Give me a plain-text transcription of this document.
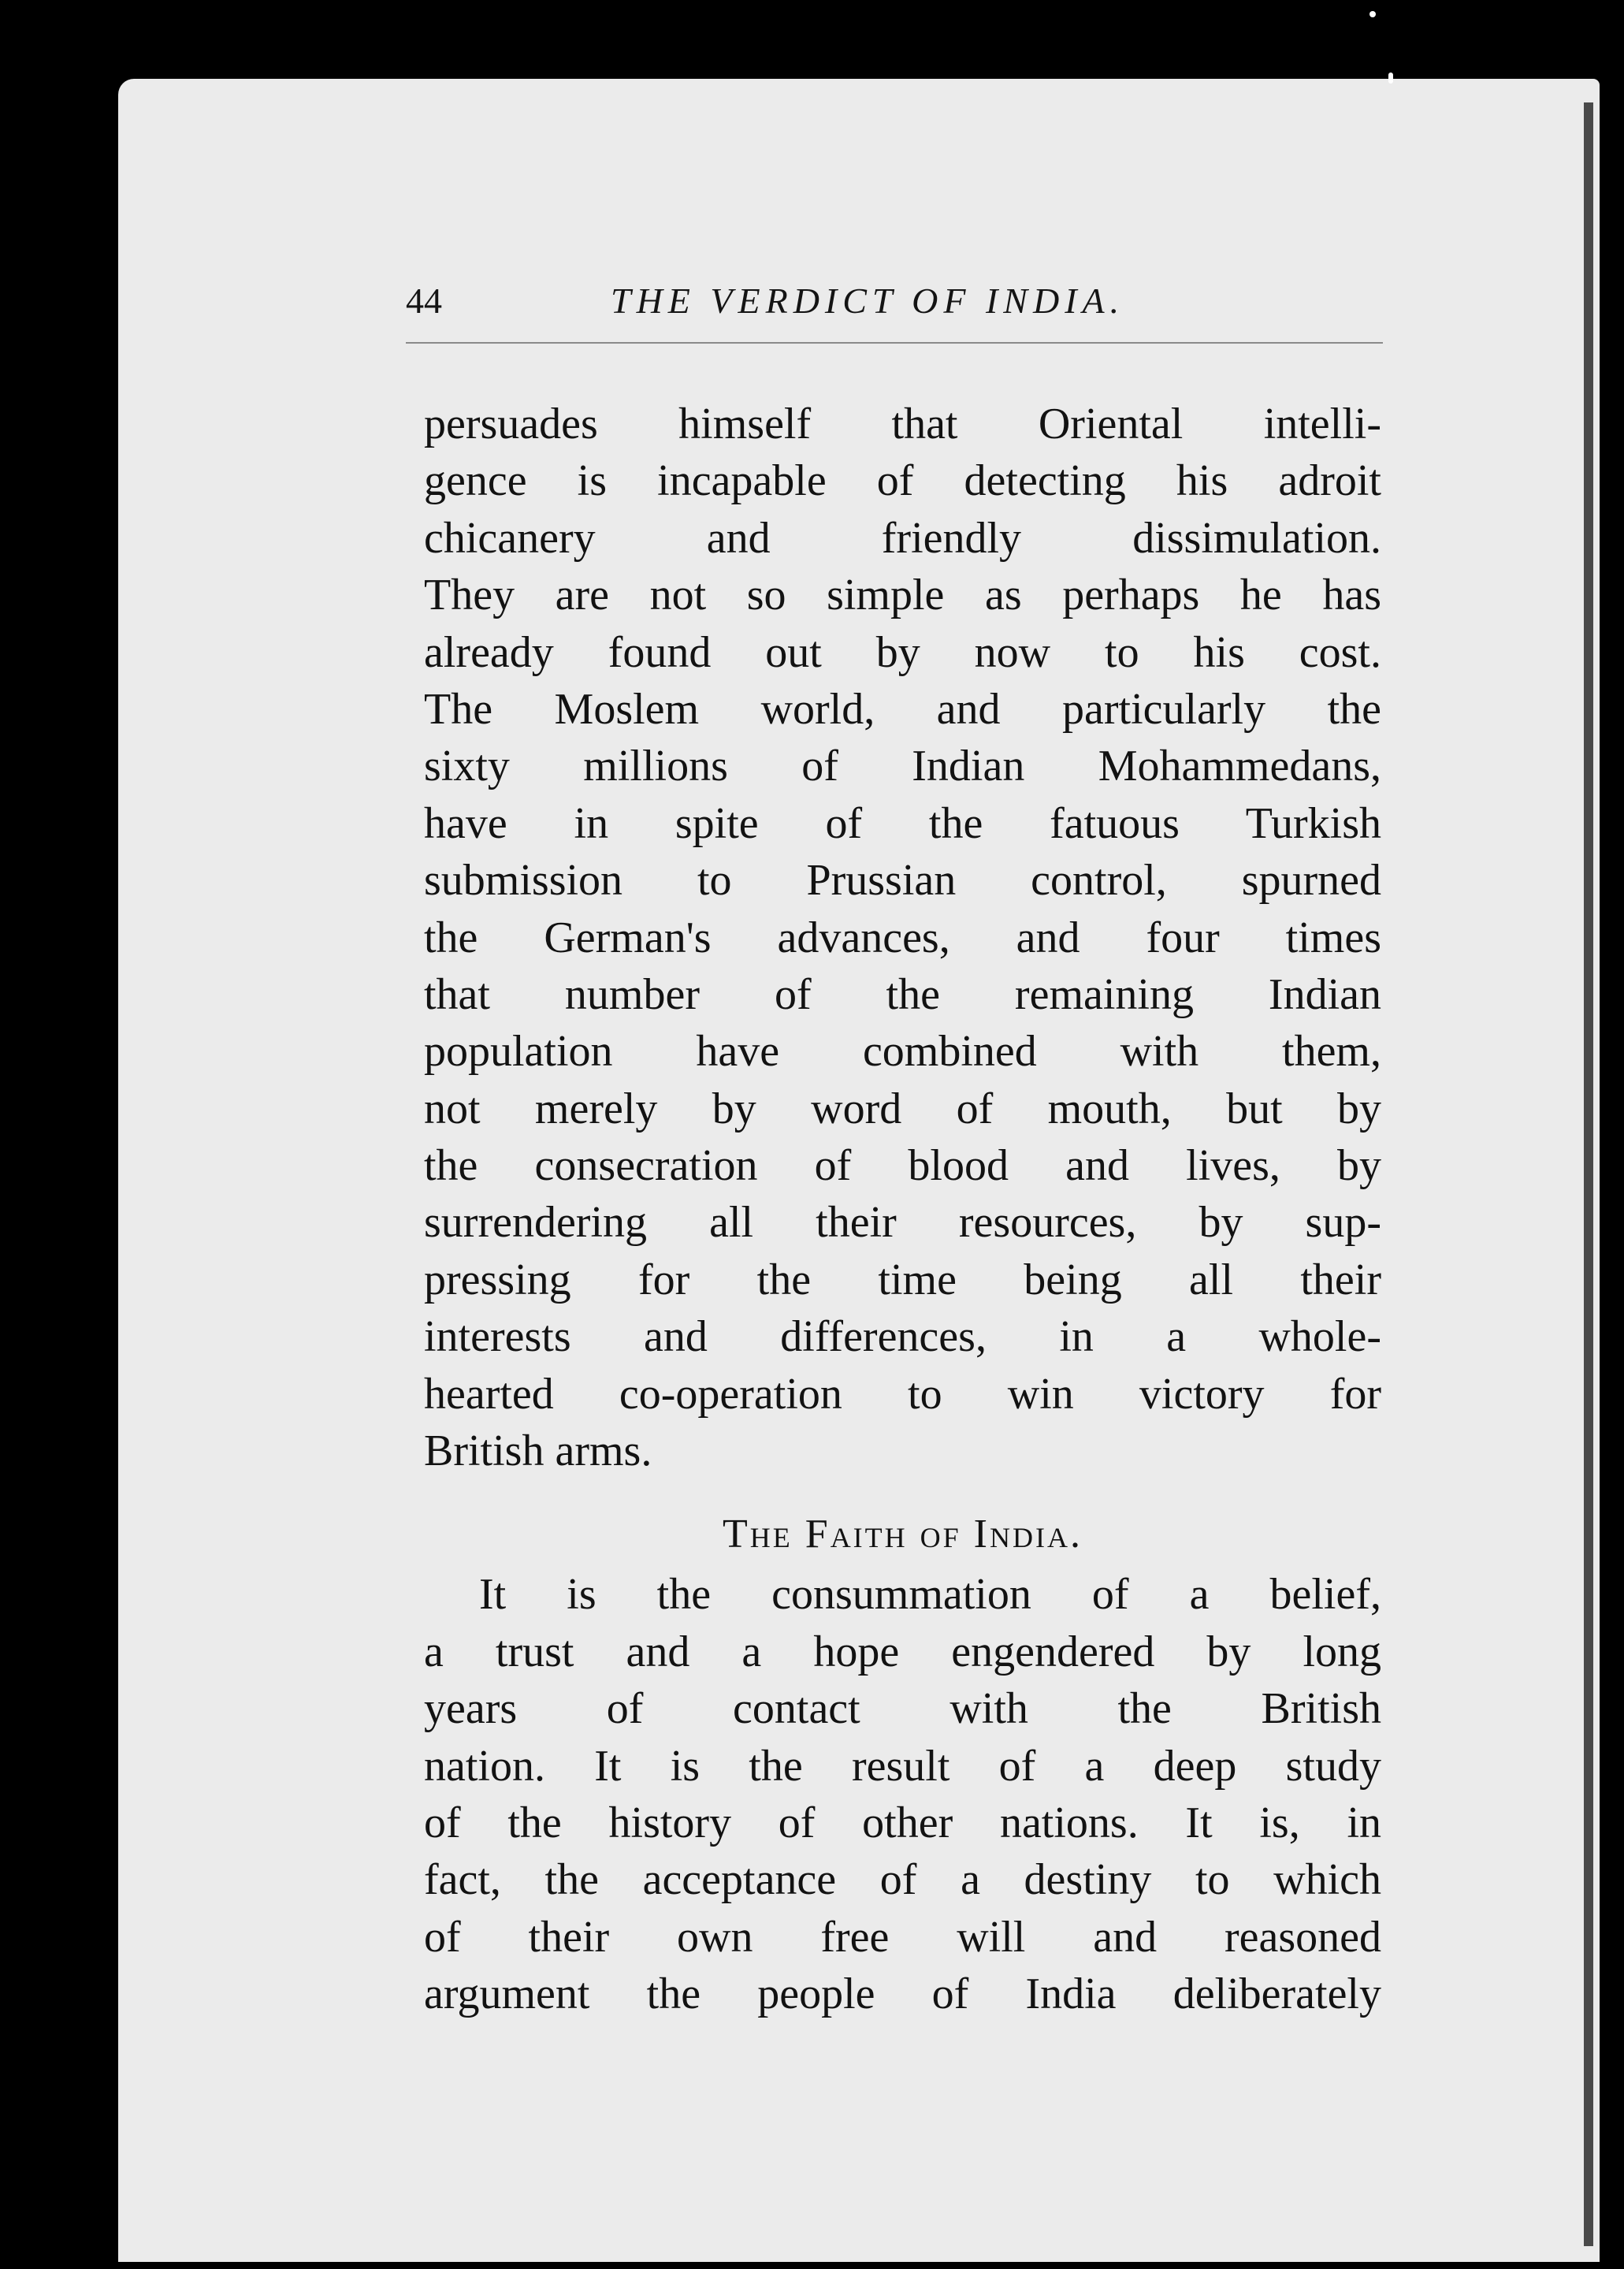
44	THE VERDICT OF INDIA.
persuades himself that Oriental intelli-
gence is incapable of detecting his adroit
chicanery and friendly dissimulation.
They are not so simple as perhaps he has
already found out by now to his cost.
The Moslem world, and particularly the
sixty millions of Indian Mohammedans,
have in spite of the fatuous Turkish
submission to Prussian control, spurned
the German's advances, and four times
that number of the remaining Indian
population have combined with them,
not merely by word of mouth, but by
the consecration of blood and lives, by
surrendering all their resources, by sup-
pressing for the time being all their
interests and differences, in a whole-
hearted co-operation to win victory for
British arms.
The Faith of India.
It is the consummation of a belief,
a trust and a hope engendered by long
years of contact with the British
nation. It is the result of a deep study
of the history of other nations. It is, in
fact, the acceptance of a destiny to which
of their own free will and reasoned
argument the people of India deliberately
